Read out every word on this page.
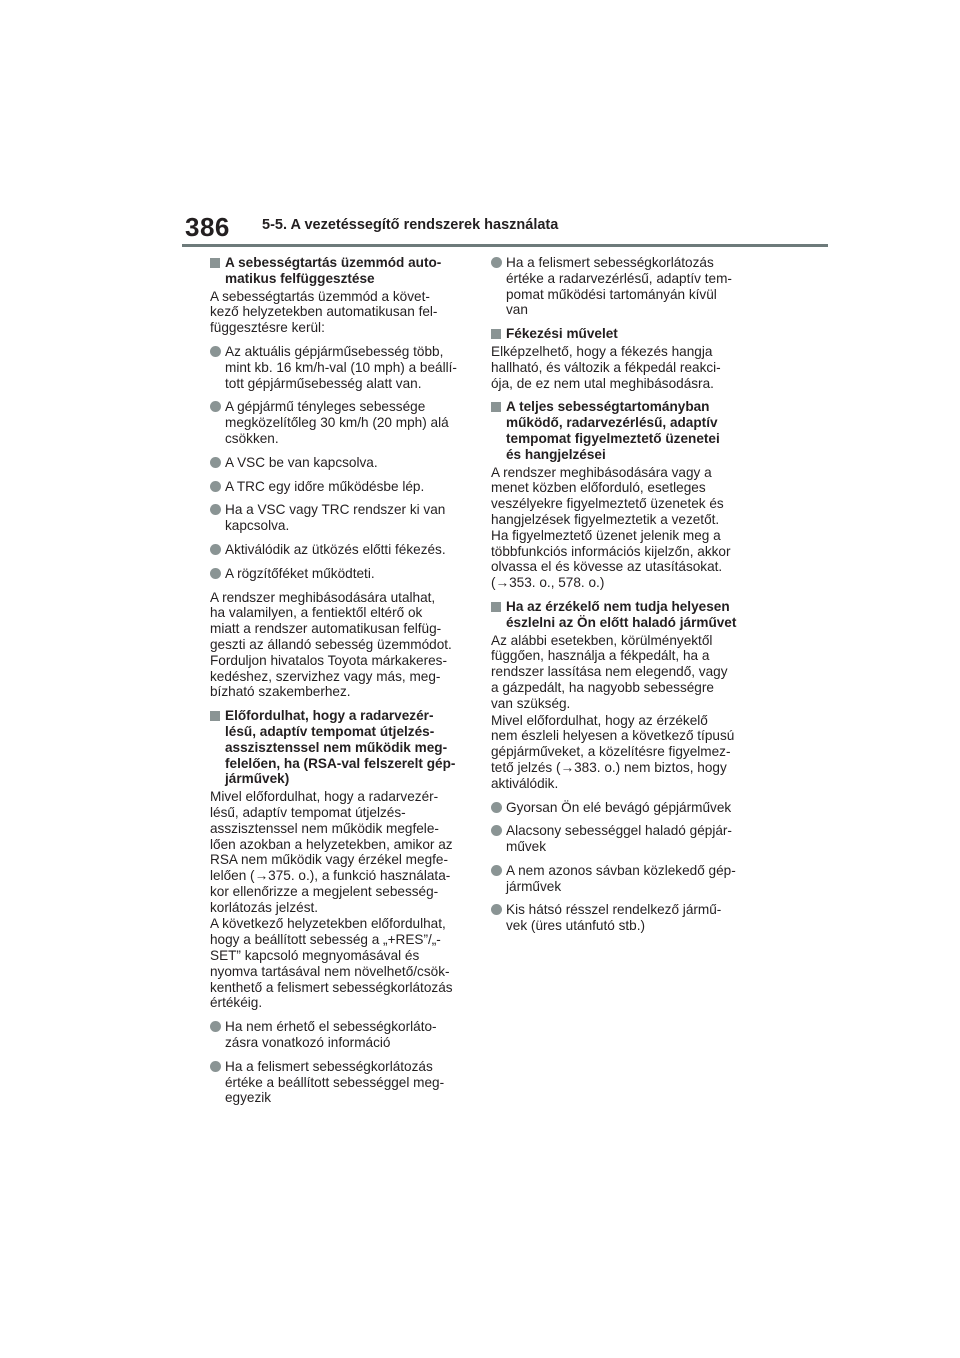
386 5-5. A vezetéssegítő rendszerek használata
A sebességtartás üzemmód auto-
matikus felfüggesztése
A sebességtartás üzemmód a követ-
kező helyzetekben automatikusan fel-
függesztésre kerül:
Az aktuális gépjárműsebesség több,
mint kb. 16 km/h-val (10 mph) a beállí-
tott gépjárműsebesség alatt van.
A gépjármű tényleges sebessége
megközelítőleg 30 km/h (20 mph) alá
csökken.
A VSC be van kapcsolva.
A TRC egy időre működésbe lép.
Ha a VSC vagy TRC rendszer ki van
kapcsolva.
Aktiválódik az ütközés előtti fékezés.
A rögzítőféket működteti.
A rendszer meghibásodására utalhat,
ha valamilyen, a fentiektől eltérő ok
miatt a rendszer automatikusan felfüg-
geszti az állandó sebesség üzemmódot.
Forduljon hivatalos Toyota márkakeres-
kedéshez, szervizhez vagy más, meg-
bízható szakemberhez.
Előfordulhat, hogy a radarvezér-
lésű, adaptív tempomat útjelzés-
asszisztenssel nem működik meg-
felelően, ha (RSA-val felszerelt gép-
járművek)
Mivel előfordulhat, hogy a radarvezér-
lésű, adaptív tempomat útjelzés-
asszisztenssel nem működik megfele-
lően azokban a helyzetekben, amikor az
RSA nem működik vagy érzékel megfe-
lelően (→375. o.), a funkció használata-
kor ellenőrizze a megjelent sebesség-
korlátozás jelzést.
A következő helyzetekben előfordulhat,
hogy a beállított sebesség a „+RES”/„-
SET” kapcsoló megnyomásával és
nyomva tartásával nem növelhető/csök-
kenthető a felismert sebességkorlátozás
értékéig.
Ha nem érhető el sebességkorláto-
zásra vonatkozó információ
Ha a felismert sebességkorlátozás
értéke a beállított sebességgel meg-
egyezik
Ha a felismert sebességkorlátozás
értéke a radarvezérlésű, adaptív tem-
pomat működési tartományán kívül
van
Fékezési művelet
Elképzelhető, hogy a fékezés hangja
hallható, és változik a fékpedál reakci-
ója, de ez nem utal meghibásodásra.
A teljes sebességtartományban
működő, radarvezérlésű, adaptív
tempomat figyelmeztető üzenetei
és hangjelzései
A rendszer meghibásodására vagy a
menet közben előforduló, esetleges
veszélyekre figyelmeztető üzenetek és
hangjelzések figyelmeztetik a vezetőt.
Ha figyelmeztető üzenet jelenik meg a
többfunkciós információs kijelzőn, akkor
olvassa el és kövesse az utasításokat.
(→353. o., 578. o.)
Ha az érzékelő nem tudja helyesen
észlelni az Ön előtt haladó járművet
Az alábbi esetekben, körülményektől
függően, használja a fékpedált, ha a
rendszer lassítása nem elegendő, vagy
a gázpedált, ha nagyobb sebességre
van szükség.
Mivel előfordulhat, hogy az érzékelő
nem észleli helyesen a következő típusú
gépjárműveket, a közelítésre figyelmez-
tető jelzés (→383. o.) nem biztos, hogy
aktiválódik.
Gyorsan Ön elé bevágó gépjárművek
Alacsony sebességgel haladó gépjár-
művek
A nem azonos sávban közlekedő gép-
járművek
Kis hátsó résszel rendelkező jármű-
vek (üres utánfutó stb.)
